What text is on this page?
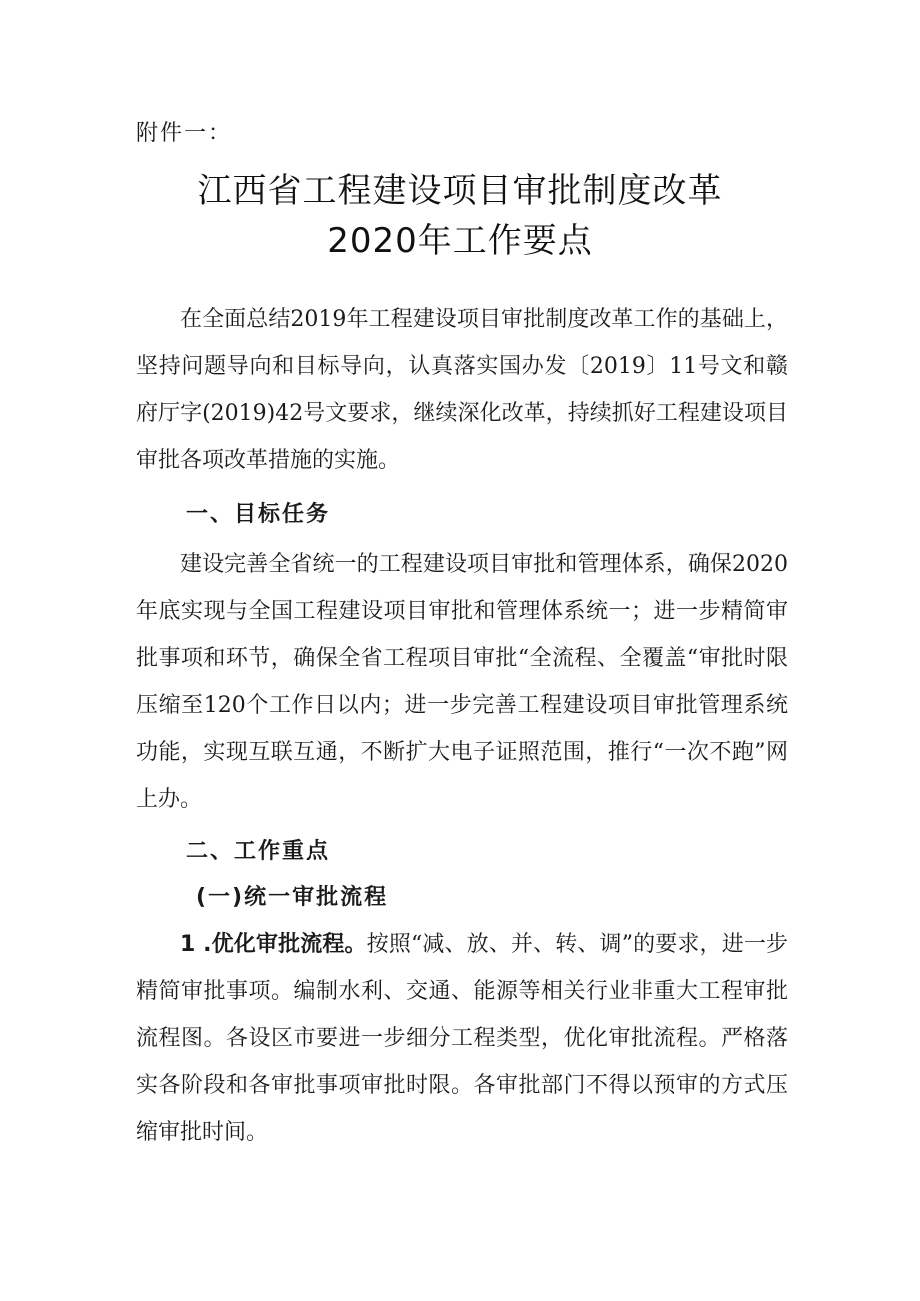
附件一：
江西省工程建设项目审批制度改革
2020年工作要点

在全面总结2019年工程建设项目审批制度改革工作的基础上，坚持问题导向和目标导向，认真落实国办发〔2019〕11号文和赣府厅字(2019)42号文要求，继续深化改革，持续抓好工程建设项目审批各项改革措施的实施。

一、目标任务

建设完善全省统一的工程建设项目审批和管理体系，确保2020年底实现与全国工程建设项目审批和管理体系统一；进一步精简审批事项和环节，确保全省工程项目审批“全流程、全覆盖“审批时限压缩至120个工作日以内；进一步完善工程建设项目审批管理系统功能，实现互联互通，不断扩大电子证照范围，推行“一次不跑”网上办。

二、工作重点
(一)统一审批流程

1 .优化审批流程。按照“减、放、并、转、调”的要求，进一步精简审批事项。编制水利、交通、能源等相关行业非重大工程审批流程图。各设区市要进一步细分工程类型，优化审批流程。严格落实各阶段和各审批事项审批时限。各审批部门不得以预审的方式压缩审批时间。
